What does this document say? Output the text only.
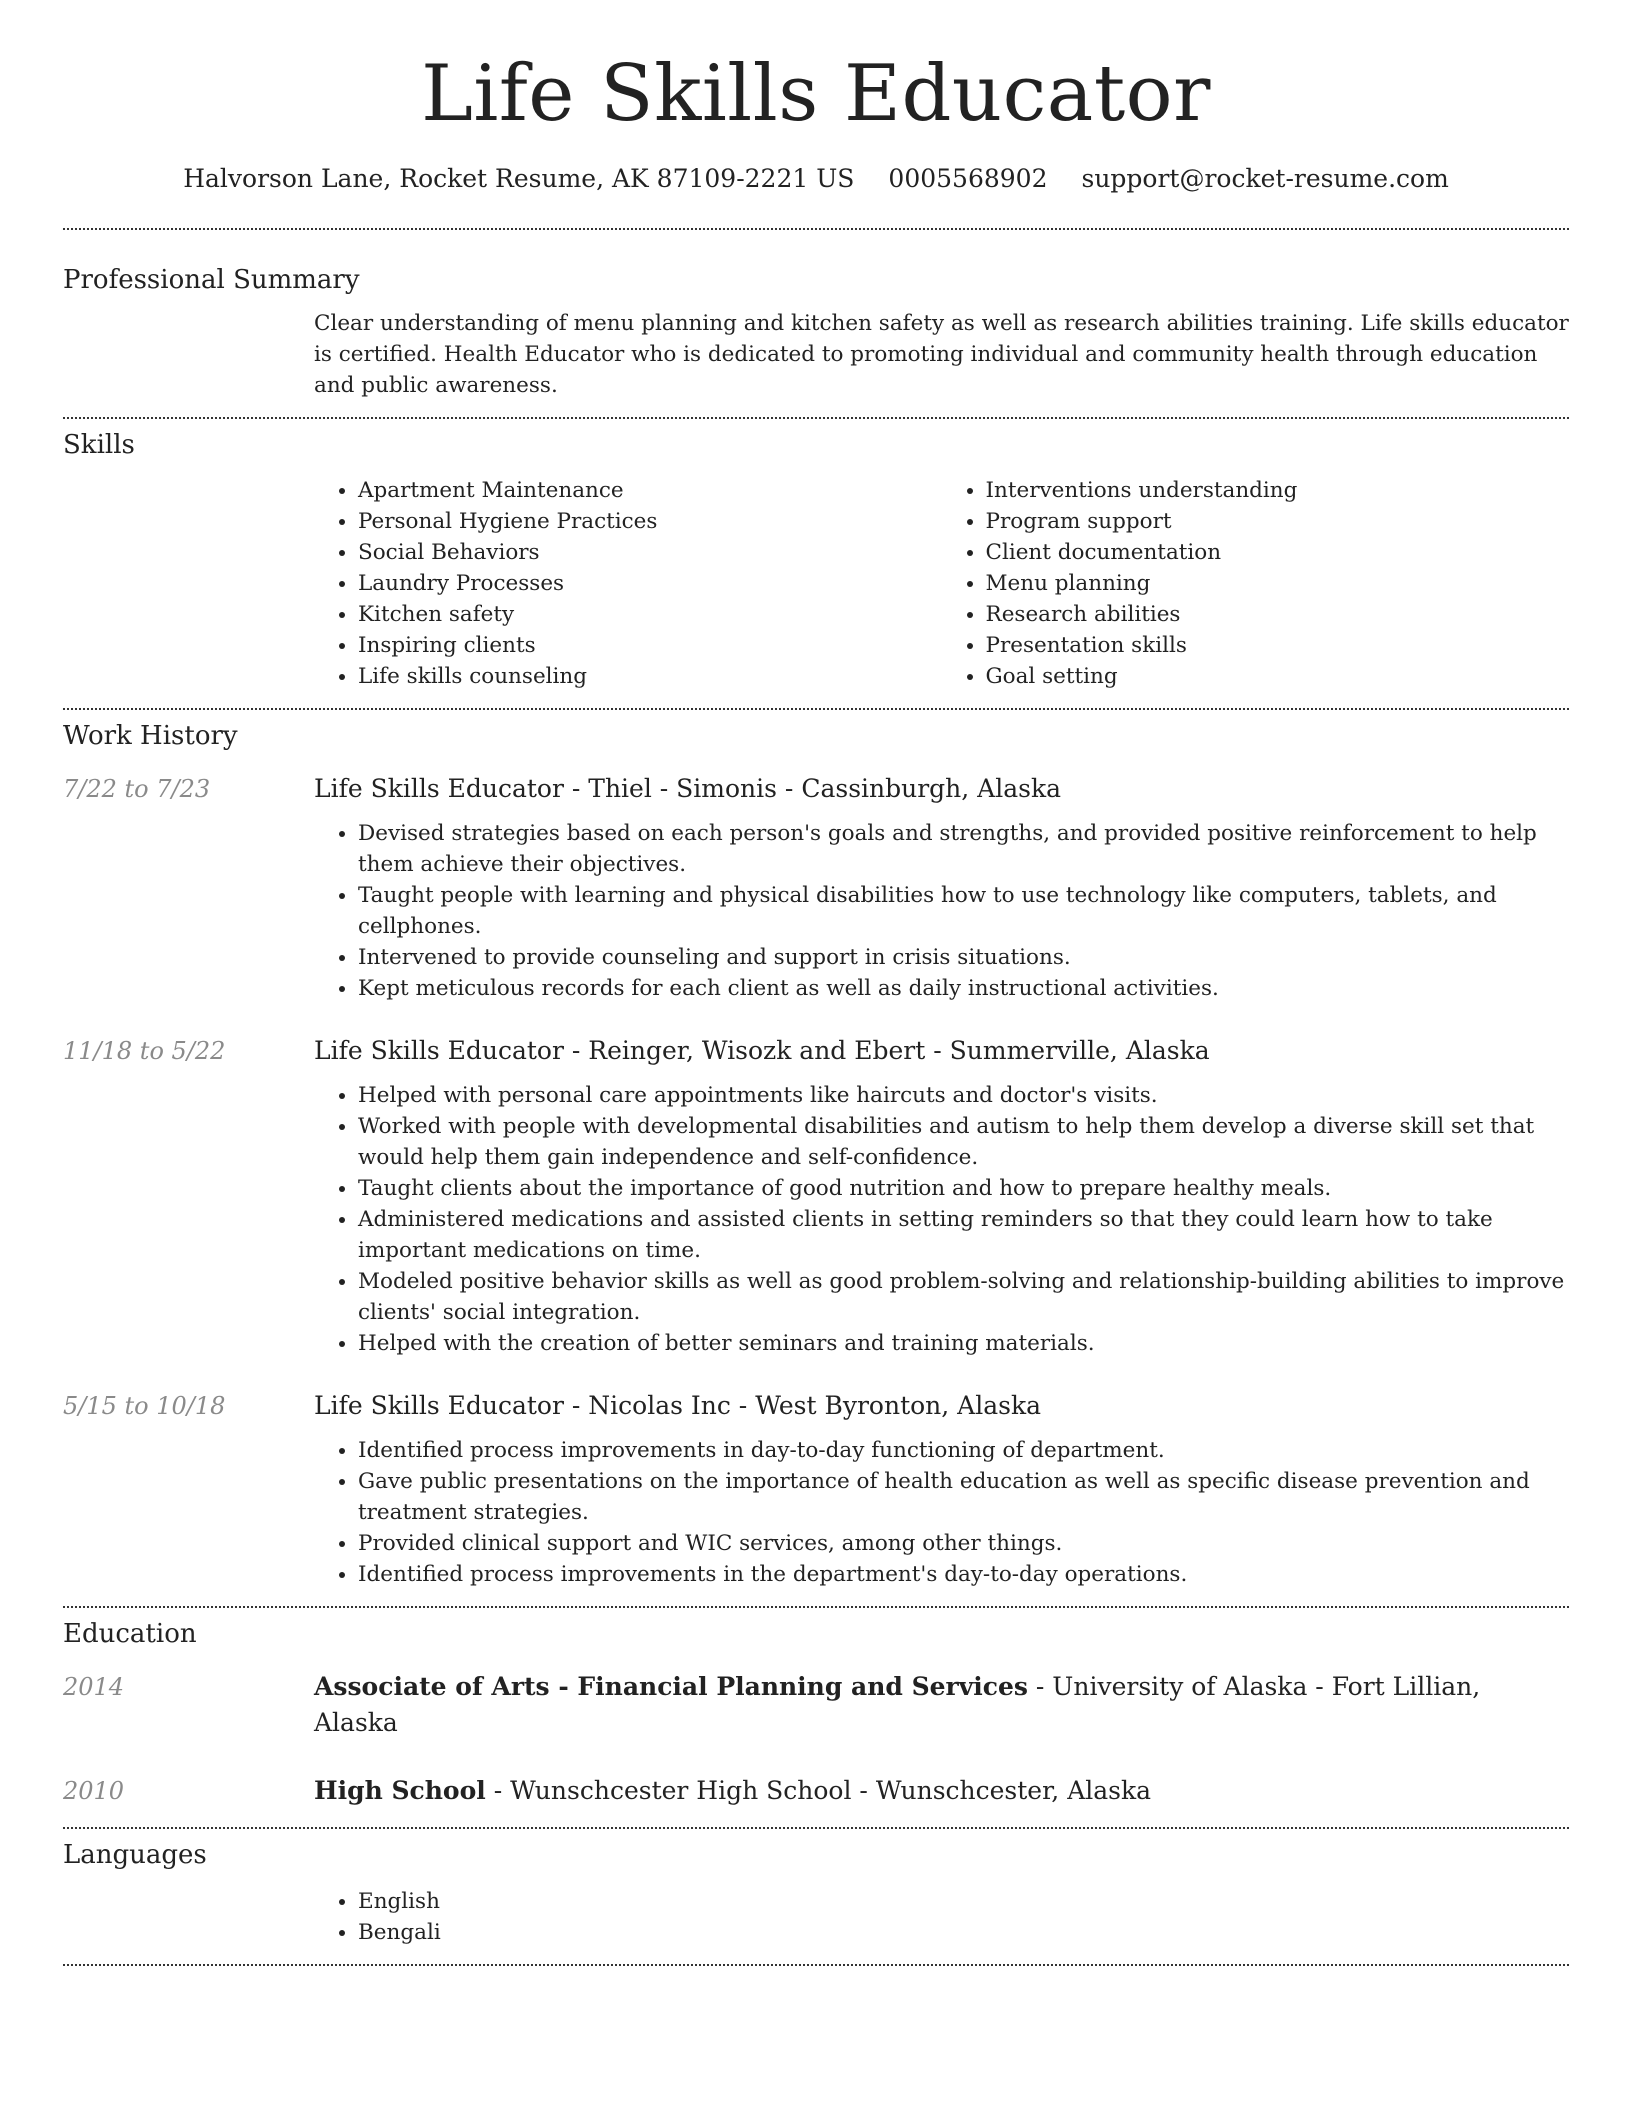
Life Skills Educator
Halvorson Lane, Rocket Resume, AK 87109-2221 US 0005568902 support@rocket-resume.com
Professional Summary
Clear understanding of menu planning and kitchen safety as well as research abilities training. Life skills educator is certified. Health Educator who is dedicated to promoting individual and community health through education and public awareness.
Skills
• Apartment Maintenance
• Personal Hygiene Practices
• Social Behaviors
• Laundry Processes
• Kitchen safety
• Inspiring clients
• Life skills counseling
• Interventions understanding
• Program support
• Client documentation
• Menu planning
• Research abilities
• Presentation skills
• Goal setting
Work History
7/22 to 7/23	Life Skills Educator - Thiel - Simonis - Cassinburgh, Alaska
• Devised strategies based on each person's goals and strengths, and provided positive reinforcement to help them achieve their objectives.
• Taught people with learning and physical disabilities how to use technology like computers, tablets, and cellphones.
• Intervened to provide counseling and support in crisis situations.
• Kept meticulous records for each client as well as daily instructional activities.
11/18 to 5/22	Life Skills Educator - Reinger, Wisozk and Ebert - Summerville, Alaska
• Helped with personal care appointments like haircuts and doctor's visits.
• Worked with people with developmental disabilities and autism to help them develop a diverse skill set that would help them gain independence and self-confidence.
• Taught clients about the importance of good nutrition and how to prepare healthy meals.
• Administered medications and assisted clients in setting reminders so that they could learn how to take important medications on time.
• Modeled positive behavior skills as well as good problem-solving and relationship-building abilities to improve clients' social integration.
• Helped with the creation of better seminars and training materials.
5/15 to 10/18	Life Skills Educator - Nicolas Inc - West Byronton, Alaska
• Identified process improvements in day-to-day functioning of department.
• Gave public presentations on the importance of health education as well as specific disease prevention and treatment strategies.
• Provided clinical support and WIC services, among other things.
• Identified process improvements in the department's day-to-day operations.
Education
2014	Associate of Arts - Financial Planning and Services - University of Alaska - Fort Lillian, Alaska
2010	High School - Wunschcester High School - Wunschcester, Alaska
Languages
• English
• Bengali
